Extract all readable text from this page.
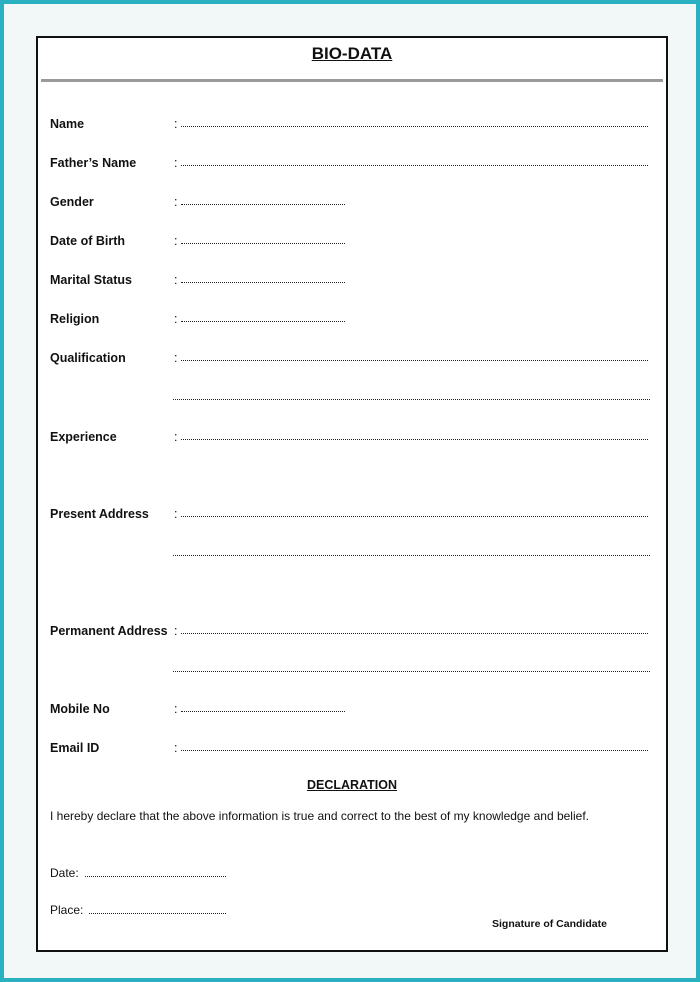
BIO-DATA
Name	:
Father’s Name	:
Gender	:
Date of Birth	:
Marital Status	:
Religion	:
Qualification	:
Experience	:
Present Address :
Permanent Address :
Mobile No	:
Email ID	:
DECLARATION
I hereby declare that the above information is true and correct to the best of my knowledge and belief.
Date:
Place:
Signature of Candidate
